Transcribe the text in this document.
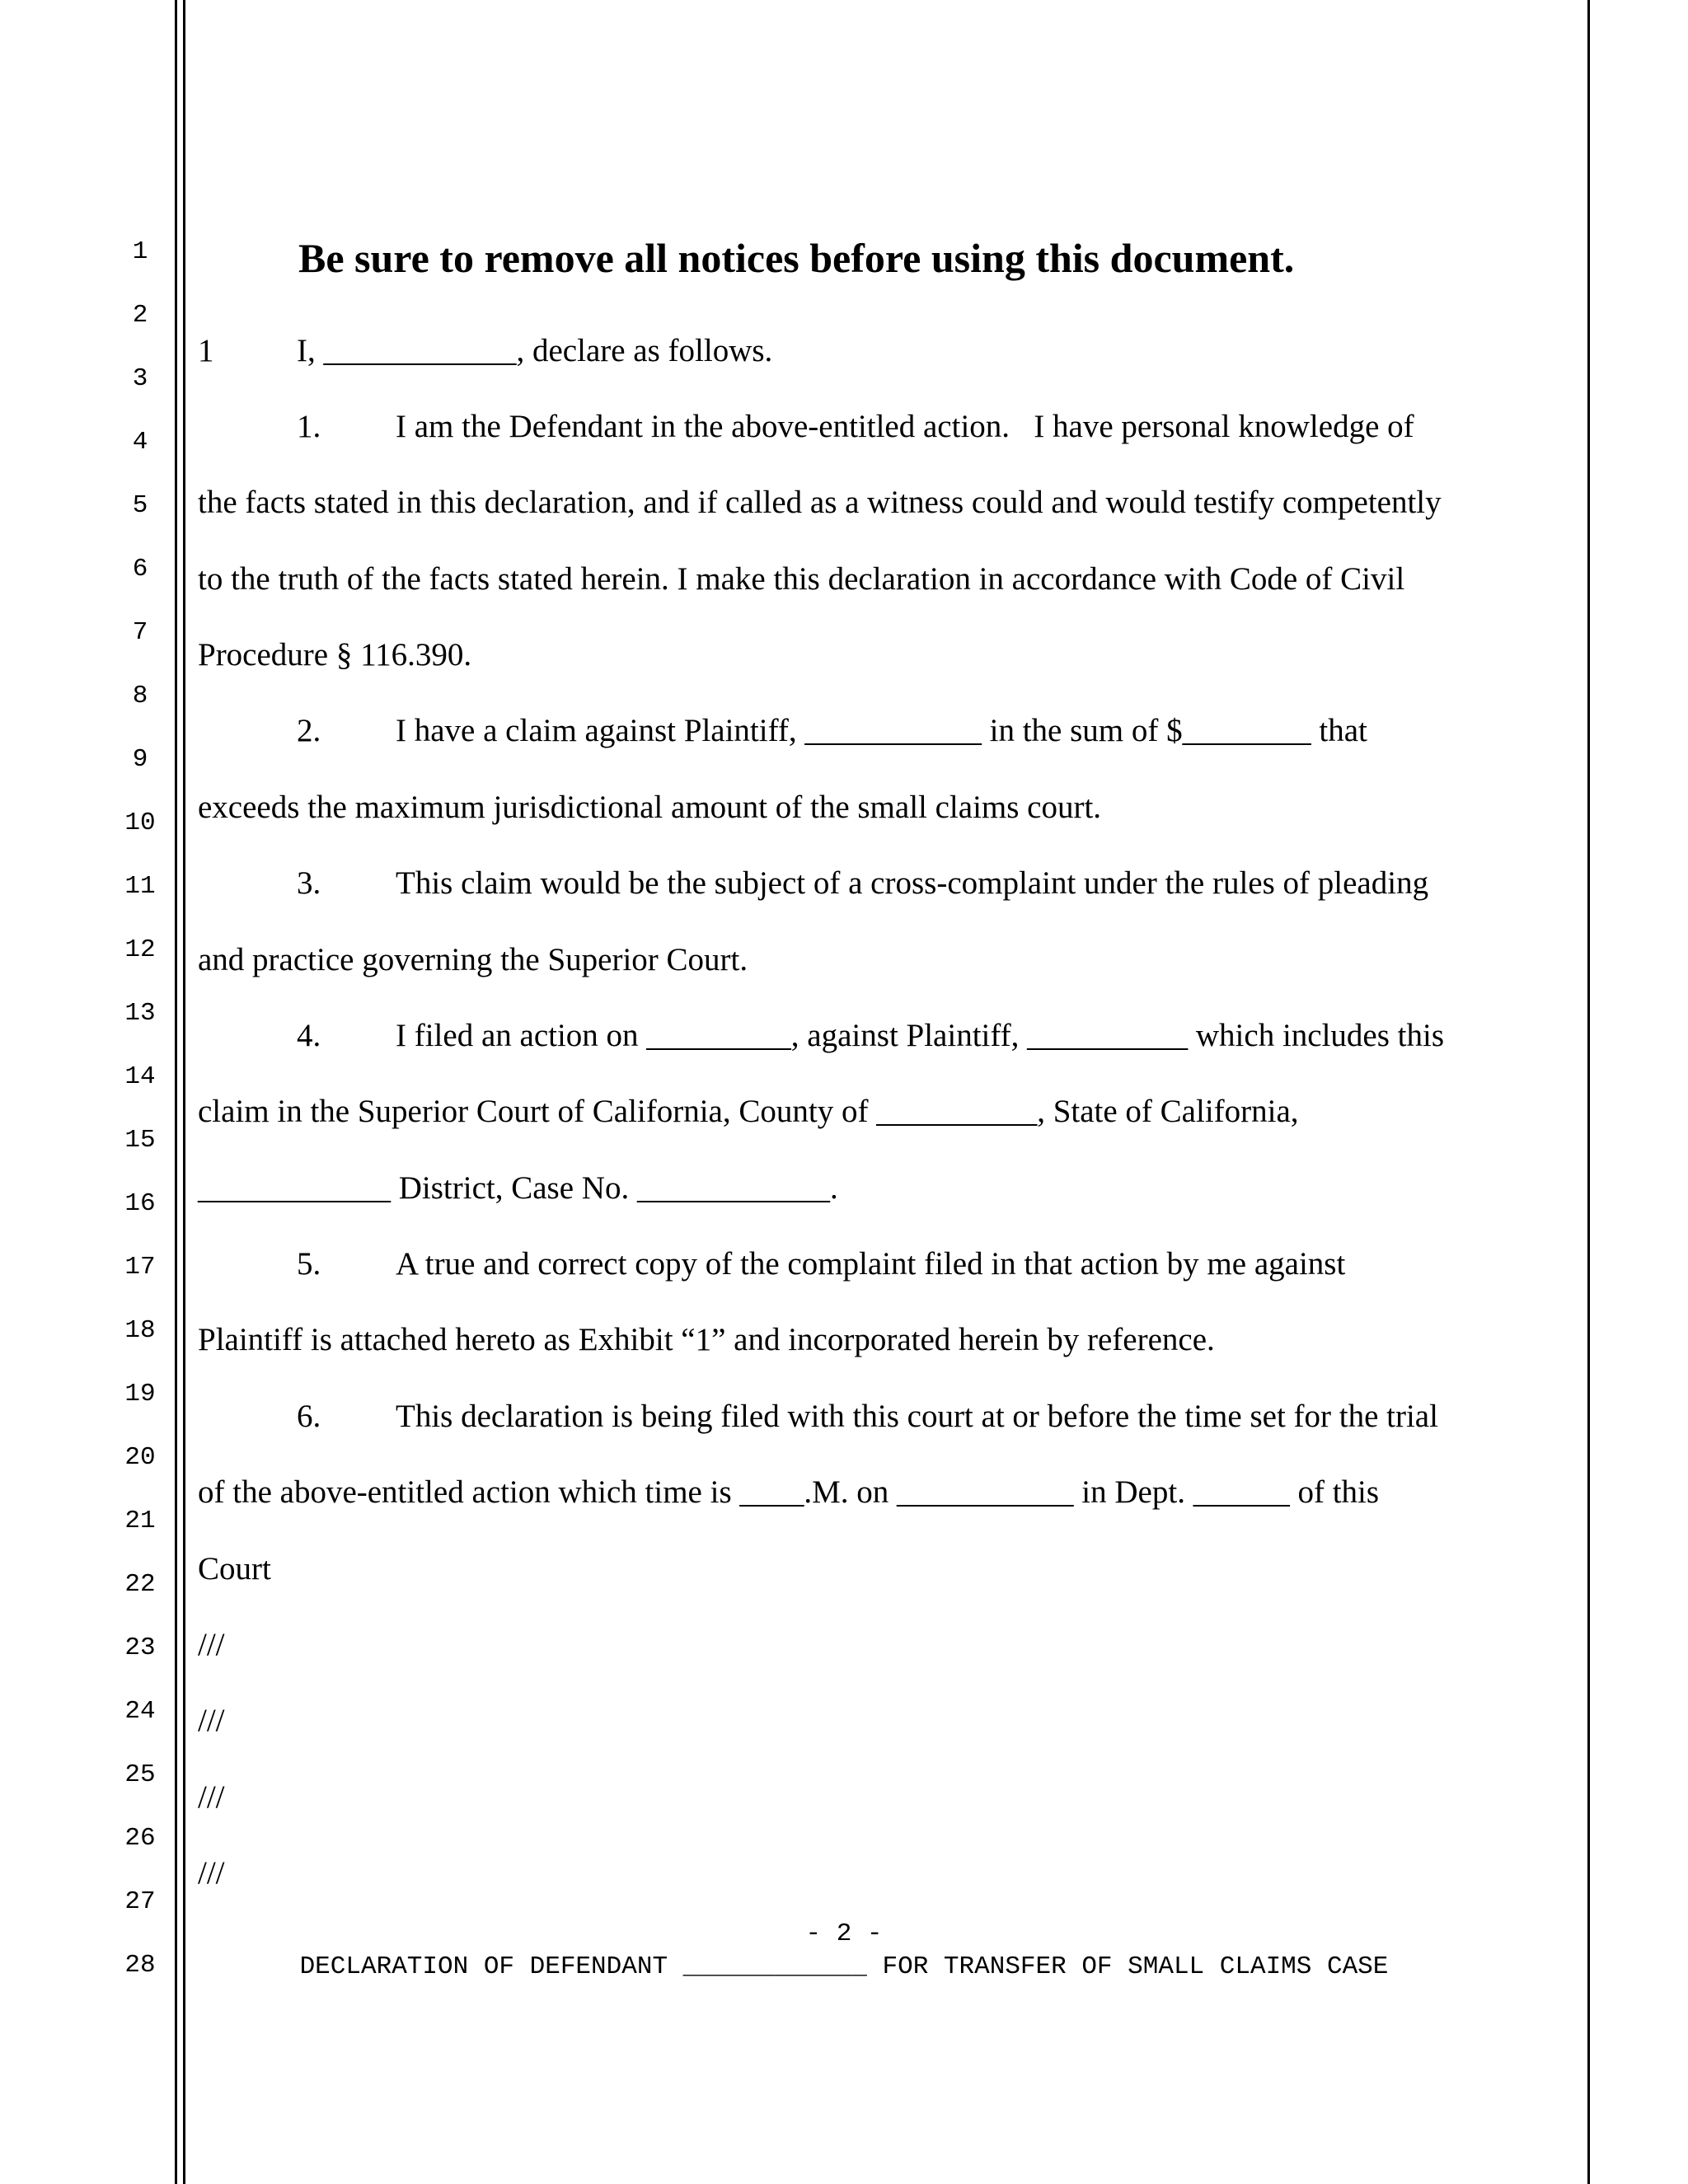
1
2
3
4
5
6
7
8
9
10
11
12
13
14
15
16
17
18
19
20
21
22
23
24
25
26
27
28
Be sure to remove all notices before using this document.
1	I, ____________, declare as follows.
1. I am the Defendant in the above-entitled action.   I have personal knowledge of
the facts stated in this declaration, and if called as a witness could and would testify competently
to the truth of the facts stated herein. I make this declaration in accordance with Code of Civil
Procedure § 116.390.
2. I have a claim against Plaintiff, ___________ in the sum of $________ that
exceeds the maximum jurisdictional amount of the small claims court.
3. This claim would be the subject of a cross-complaint under the rules of pleading
and practice governing the Superior Court.
4. I filed an action on _________, against Plaintiff, __________ which includes this
claim in the Superior Court of California, County of __________, State of California,
____________ District, Case No. ____________.
5. A true and correct copy of the complaint filed in that action by me against
Plaintiff is attached hereto as Exhibit “1” and incorporated herein by reference.
6. This declaration is being filed with this court at or before the time set for the trial
of the above-entitled action which time is ____.M. on ___________ in Dept. ______ of this
Court
///
///
///
///
- 2 -
DECLARATION OF DEFENDANT ____________ FOR TRANSFER OF SMALL CLAIMS CASE
